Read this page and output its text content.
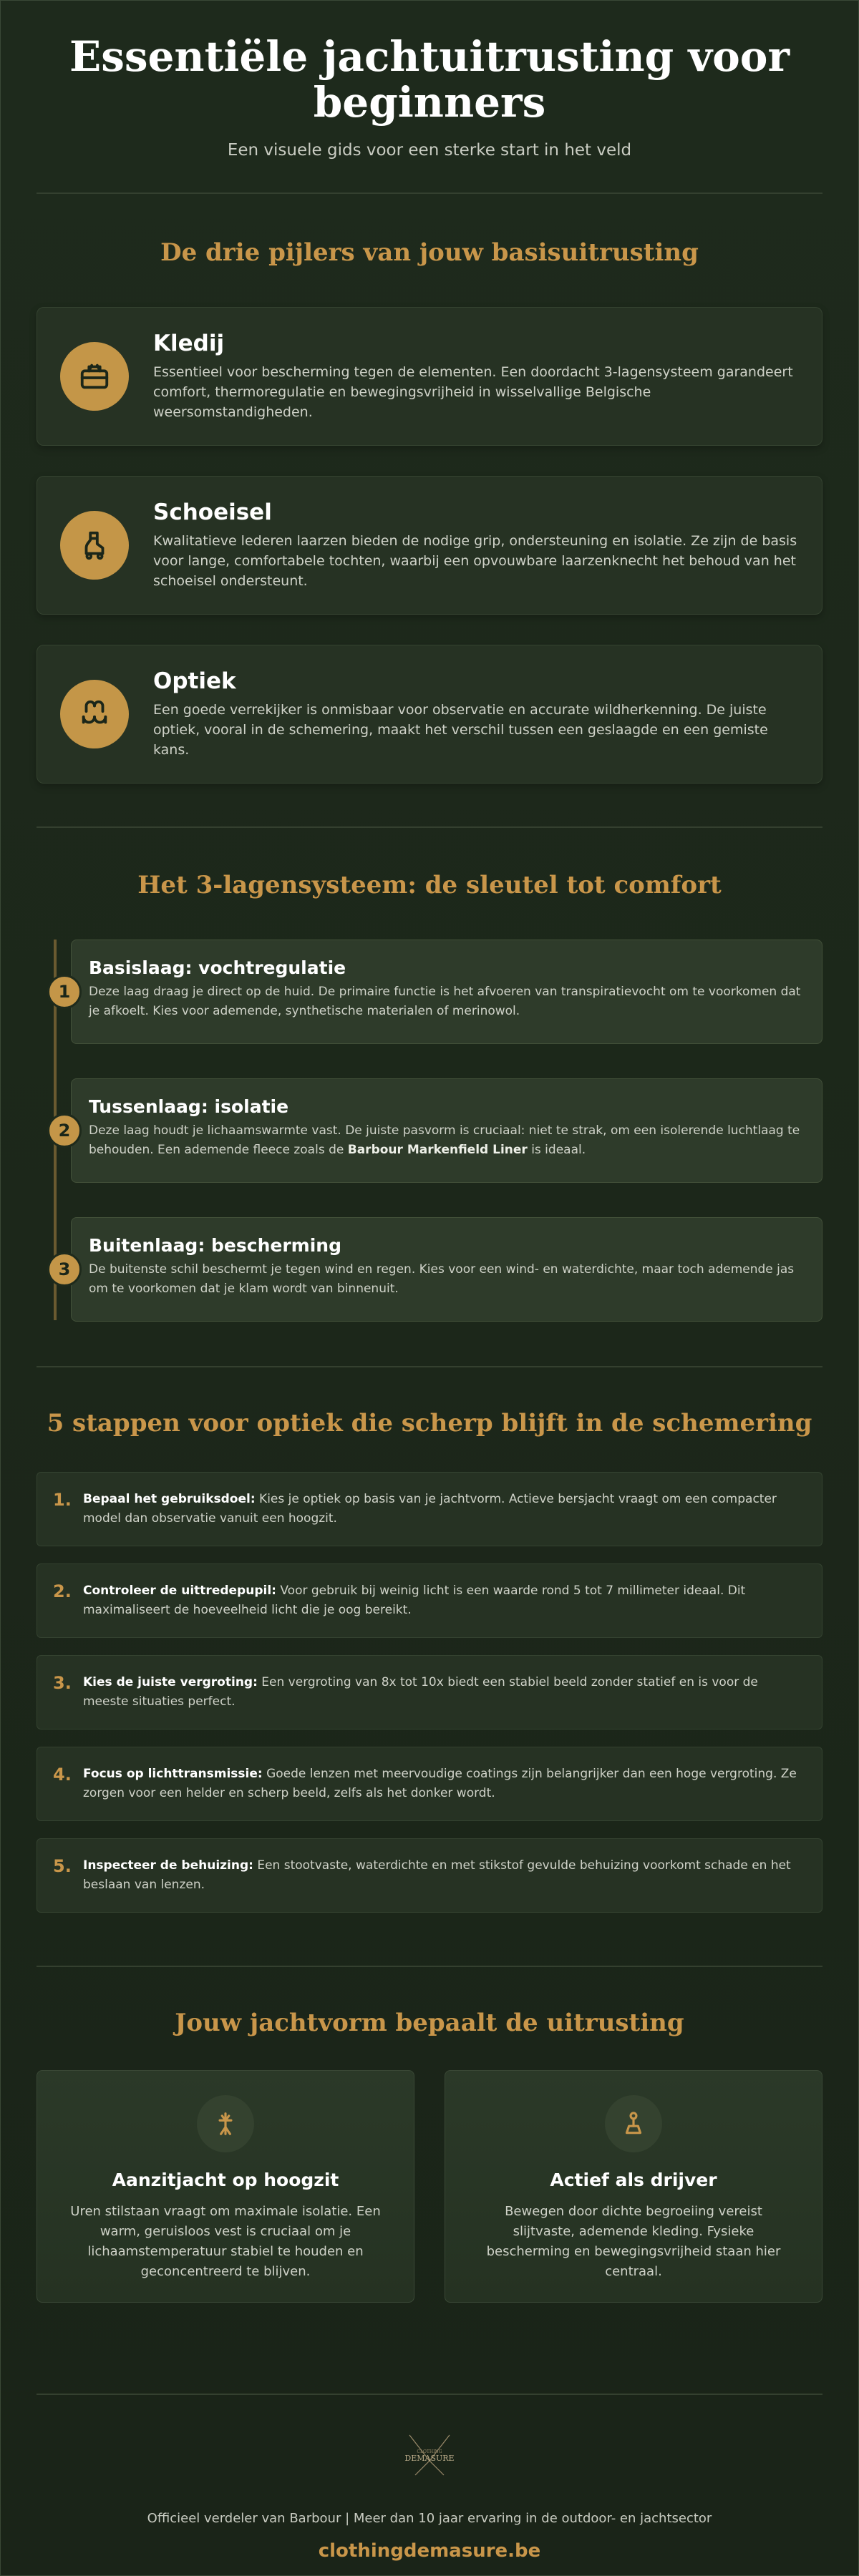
Essentiële jachtuitrusting voor beginners
Een visuele gids voor een sterke start in het veld
De drie pijlers van jouw basisuitrusting
Kledij

Essentieel voor bescherming tegen de elementen. Een doordacht 3-lagensysteem garandeert comfort, thermoregulatie en bewegingsvrijheid in wisselvallige Belgische weersomstandigheden.

Schoeisel

Kwalitatieve lederen laarzen bieden de nodige grip, ondersteuning en isolatie. Ze zijn de basis voor lange, comfortabele tochten, waarbij een opvouwbare laarzenknecht het behoud van het schoeisel ondersteunt.

Optiek

Een goede verrekijker is onmisbaar voor observatie en accurate wildherkenning. De juiste optiek, vooral in de schemering, maakt het verschil tussen een geslaagde en een gemiste kans.

Het 3-lagensysteem: de sleutel tot comfort
1
Basislaag: vochtregulatie

Deze laag draag je direct op de huid. De primaire functie is het afvoeren van transpiratievocht om te voorkomen dat je afkoelt. Kies voor ademende, synthetische materialen of merinowol.

2
Tussenlaag: isolatie

Deze laag houdt je lichaamswarmte vast. De juiste pasvorm is cruciaal: niet te strak, om een isolerende luchtlaag te behouden. Een ademende fleece zoals de Barbour Markenfield Liner is ideaal.

3
Buitenlaag: bescherming

De buitenste schil beschermt je tegen wind en regen. Kies voor een wind- en waterdichte, maar toch ademende jas om te voorkomen dat je klam wordt van binnenuit.

5 stappen voor optiek die scherp blijft in de schemering
1. Bepaal het gebruiksdoel: Kies je optiek op basis van je jachtvorm. Actieve bersjacht vraagt om een compacter model dan observatie vanuit een hoogzit.

2. Controleer de uittredepupil: Voor gebruik bij weinig licht is een waarde rond 5 tot 7 millimeter ideaal. Dit maximaliseert de hoeveelheid licht die je oog bereikt.

3. Kies de juiste vergroting: Een vergroting van 8x tot 10x biedt een stabiel beeld zonder statief en is voor de meeste situaties perfect.

4. Focus op lichttransmissie: Goede lenzen met meervoudige coatings zijn belangrijker dan een hoge vergroting. Ze zorgen voor een helder en scherp beeld, zelfs als het donker wordt.

5. Inspecteer de behuizing: Een stootvaste, waterdichte en met stikstof gevulde behuizing voorkomt schade en het beslaan van lenzen.

Jouw jachtvorm bepaalt de uitrusting
Aanzitjacht op hoogzit

Uren stilstaan vraagt om maximale isolatie. Een warm, geruisloos vest is cruciaal om je lichaamstemperatuur stabiel te houden en geconcentreerd te blijven.

Actief als drijver

Bewegen door dichte begroeiing vereist slijtvaste, ademende kleding. Fysieke bescherming en bewegingsvrijheid staan hier centraal.

CLOTHING
DEMASURE
Officieel verdeler van Barbour | Meer dan 10 jaar ervaring in de outdoor- en jachtsector
clothingdemasure.be
